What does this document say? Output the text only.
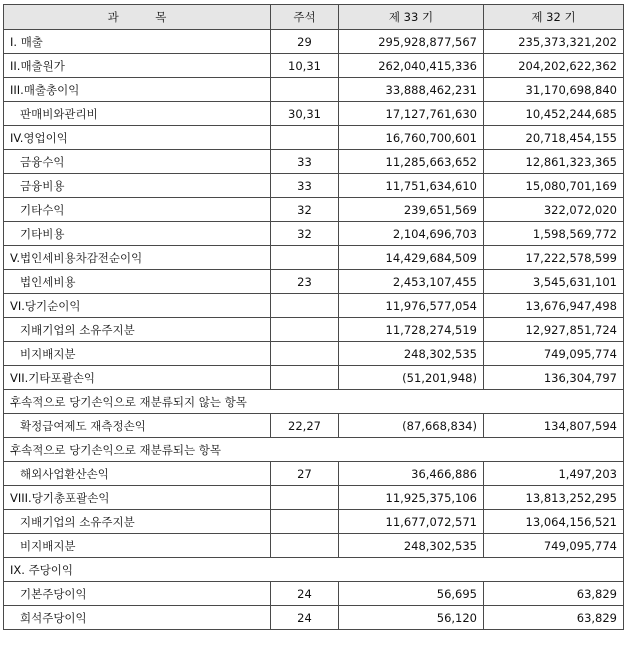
과          목	주석	제 33 기	제 32 기
I. 매출	29	295,928,877,567	235,373,321,202
II.매출원가	10,31	262,040,415,336	204,202,622,362
III.매출총이익		33,888,462,231	31,170,698,840
판매비와관리비	30,31	17,127,761,630	10,452,244,685
IV.영업이익		16,760,700,601	20,718,454,155
금융수익	33	11,285,663,652	12,861,323,365
금융비용	33	11,751,634,610	15,080,701,169
기타수익	32	239,651,569	322,072,020
기타비용	32	2,104,696,703	1,598,569,772
V.법인세비용차감전순이익		14,429,684,509	17,222,578,599
법인세비용	23	2,453,107,455	3,545,631,101
VI.당기순이익		11,976,577,054	13,676,947,498
지배기업의 소유주지분		11,728,274,519	12,927,851,724
비지배지분		248,302,535	749,095,774
VII.기타포괄손익		(51,201,948)	136,304,797
후속적으로 당기손익으로 재분류되지 않는 항목			
확정급여제도 재측정손익	22,27	(87,668,834)	134,807,594
후속적으로 당기손익으로 재분류되는 항목			
해외사업환산손익	27	36,466,886	1,497,203
VIII.당기총포괄손익		11,925,375,106	13,813,252,295
지배기업의 소유주지분		11,677,072,571	13,064,156,521
비지배지분		248,302,535	749,095,774
IX. 주당이익			
기본주당이익	24	56,695	63,829
희석주당이익	24	56,120	63,829
